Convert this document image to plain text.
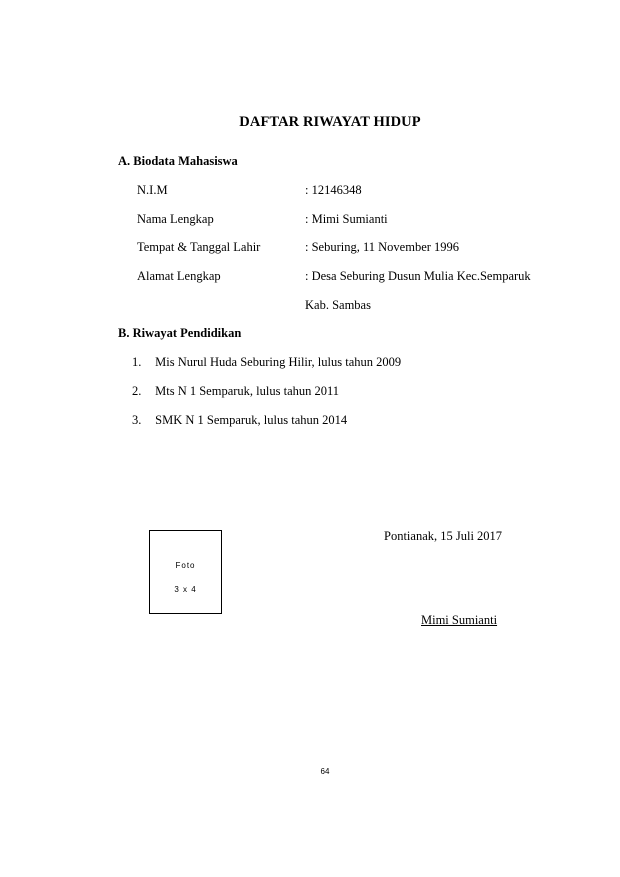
DAFTAR RIWAYAT HIDUP
A. Biodata Mahasiswa
N.I.M	: 12146348
Nama Lengkap	: Mimi Sumianti
Tempat & Tanggal Lahir	: Seburing, 11 November 1996
Alamat Lengkap	: Desa Seburing Dusun Mulia Kec.Semparuk
Kab. Sambas
B. Riwayat Pendidikan
1. Mis Nurul Huda Seburing Hilir, lulus tahun 2009
2. Mts N 1 Semparuk, lulus tahun 2011
3. SMK N 1 Semparuk, lulus tahun 2014
Foto
3 x 4
Pontianak, 15 Juli 2017
Mimi Sumianti
64
